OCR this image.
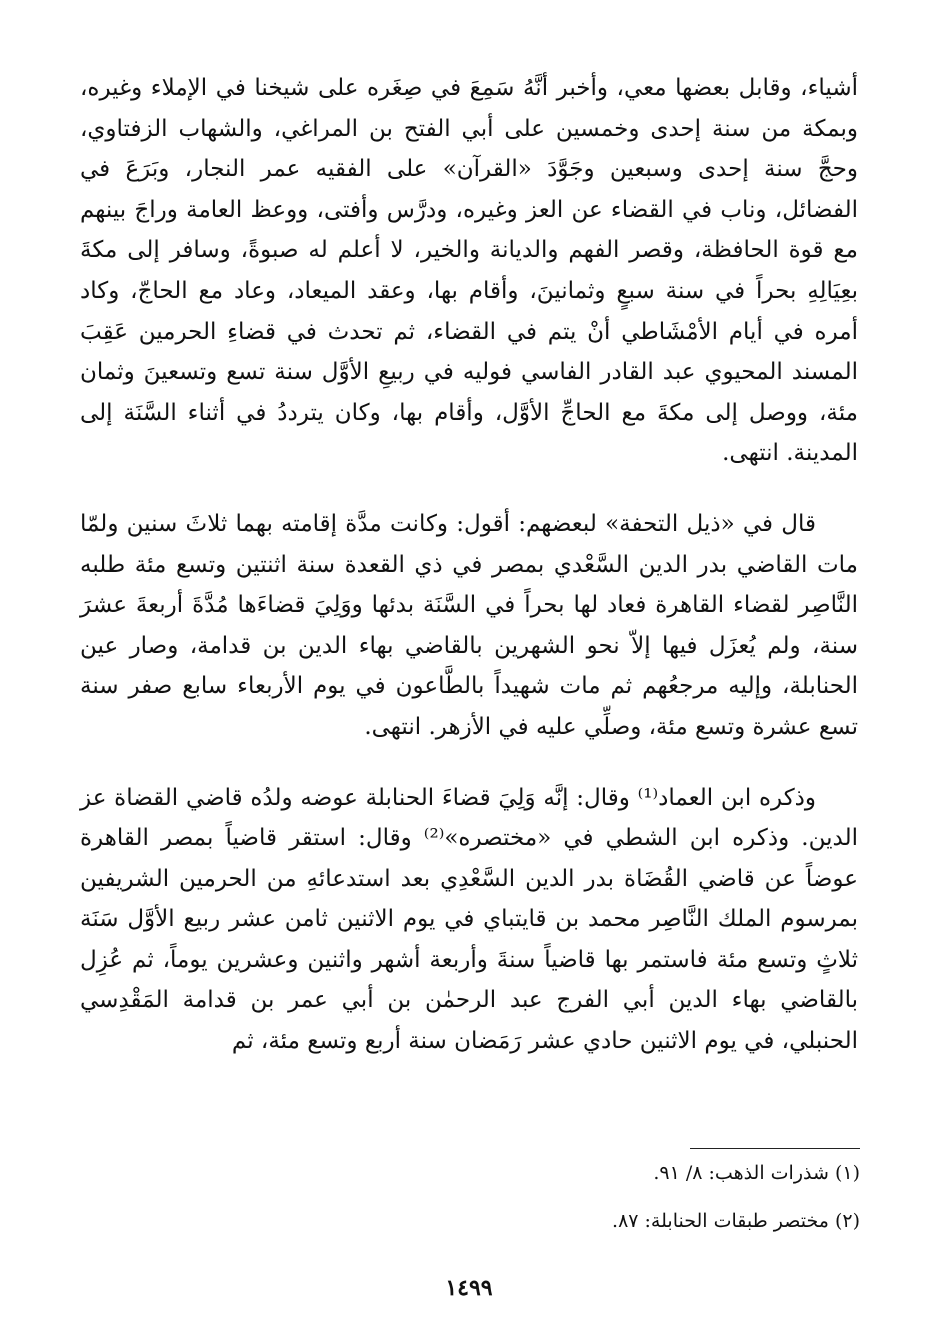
أشياء، وقابل بعضها معي، وأخبر أنَّهُ سَمِعَ في صِغَره على شيخنا في الإملاء وغيره، وبمكة من سنة إحدى وخمسين على أبي الفتح بن المراغي، والشهاب الزفتاوي، وحجَّ سنة إحدى وسبعين وجَوَّدَ «القرآن» على الفقيه عمر النجار، وبَرَعَ في الفضائل، وناب في القضاء عن العز وغيره، ودرَّس وأفتى، ووعظ العامة وراجَ بينهم مع قوة الحافظة، وقصر الفهم والديانة والخير، لا أعلم له صبوةً، وسافر إلى مكةَ بعِيَالِهِ بحراً في سنة سبعٍ وثمانينَ، وأقام بها، وعقد الميعاد، وعاد مع الحاجّ، وكاد أمره في أيام الأمْشَاطي أنْ يتم في القضاء، ثم تحدث في قضاءِ الحرمين عَقِبَ المسند المحيوي عبد القادر الفاسي فوليه في ربيعِ الأوَّل سنة تسع وتسعينَ وثمان مئة، ووصل إلى مكةَ مع الحاجِّ الأوَّل، وأقام بها، وكان يترددُ في أثناء السَّنَة إلى المدينة. انتهى.

قال في «ذيل التحفة» لبعضهم: أقول: وكانت مدَّة إقامته بهما ثلاثَ سنين ولمّا مات القاضي بدر الدين السَّعْدي بمصر في ذي القعدة سنة اثنتين وتسع مئة طلبه النَّاصِر لقضاء القاهرة فعاد لها بحراً في السَّنَة بدئها ووَلِيَ قضاءَها مُدَّةَ أربعةَ عشرَ سنة، ولم يُعزَل فيها إلاّ نحو الشهرين بالقاضي بهاء الدين بن قدامة، وصار عين الحنابلة، وإليه مرجعُهم ثم مات شهيداً بالطَّاعون في يوم الأربعاء سابع صفر سنة تسع عشرة وتسع مئة، وصلِّي عليه في الأزهر. انتهى.

وذكره ابن العماد⁽¹⁾ وقال: إنَّه وَلِيَ قضاءَ الحنابلة عوضه ولدُه قاضي القضاة عز الدين. وذكره ابن الشطي في «مختصره»⁽²⁾ وقال: استقر قاضياً بمصر القاهرة عوضاً عن قاضي القُضَاة بدر الدين السَّعْدِي بعد استدعائهِ من الحرمين الشريفين بمرسوم الملك النَّاصِر محمد بن قايتباي في يوم الاثنين ثامن عشر ربيع الأوَّل سَنَة ثلاثٍ وتسع مئة فاستمر بها قاضياً سنةَ وأربعة أشهر واثنين وعشرين يوماً، ثم عُزِل بالقاضي بهاء الدين أبي الفرج عبد الرحمٰن بن أبي عمر بن قدامة المَقْدِسي الحنبلي، في يوم الاثنين حادي عشر رَمَضان سنة أربع وتسع مئة، ثم

(١) شذرات الذهب: ٨/ ٩١.

(٢) مختصر طبقات الحنابلة: ٨٧.

١٤٩٩
